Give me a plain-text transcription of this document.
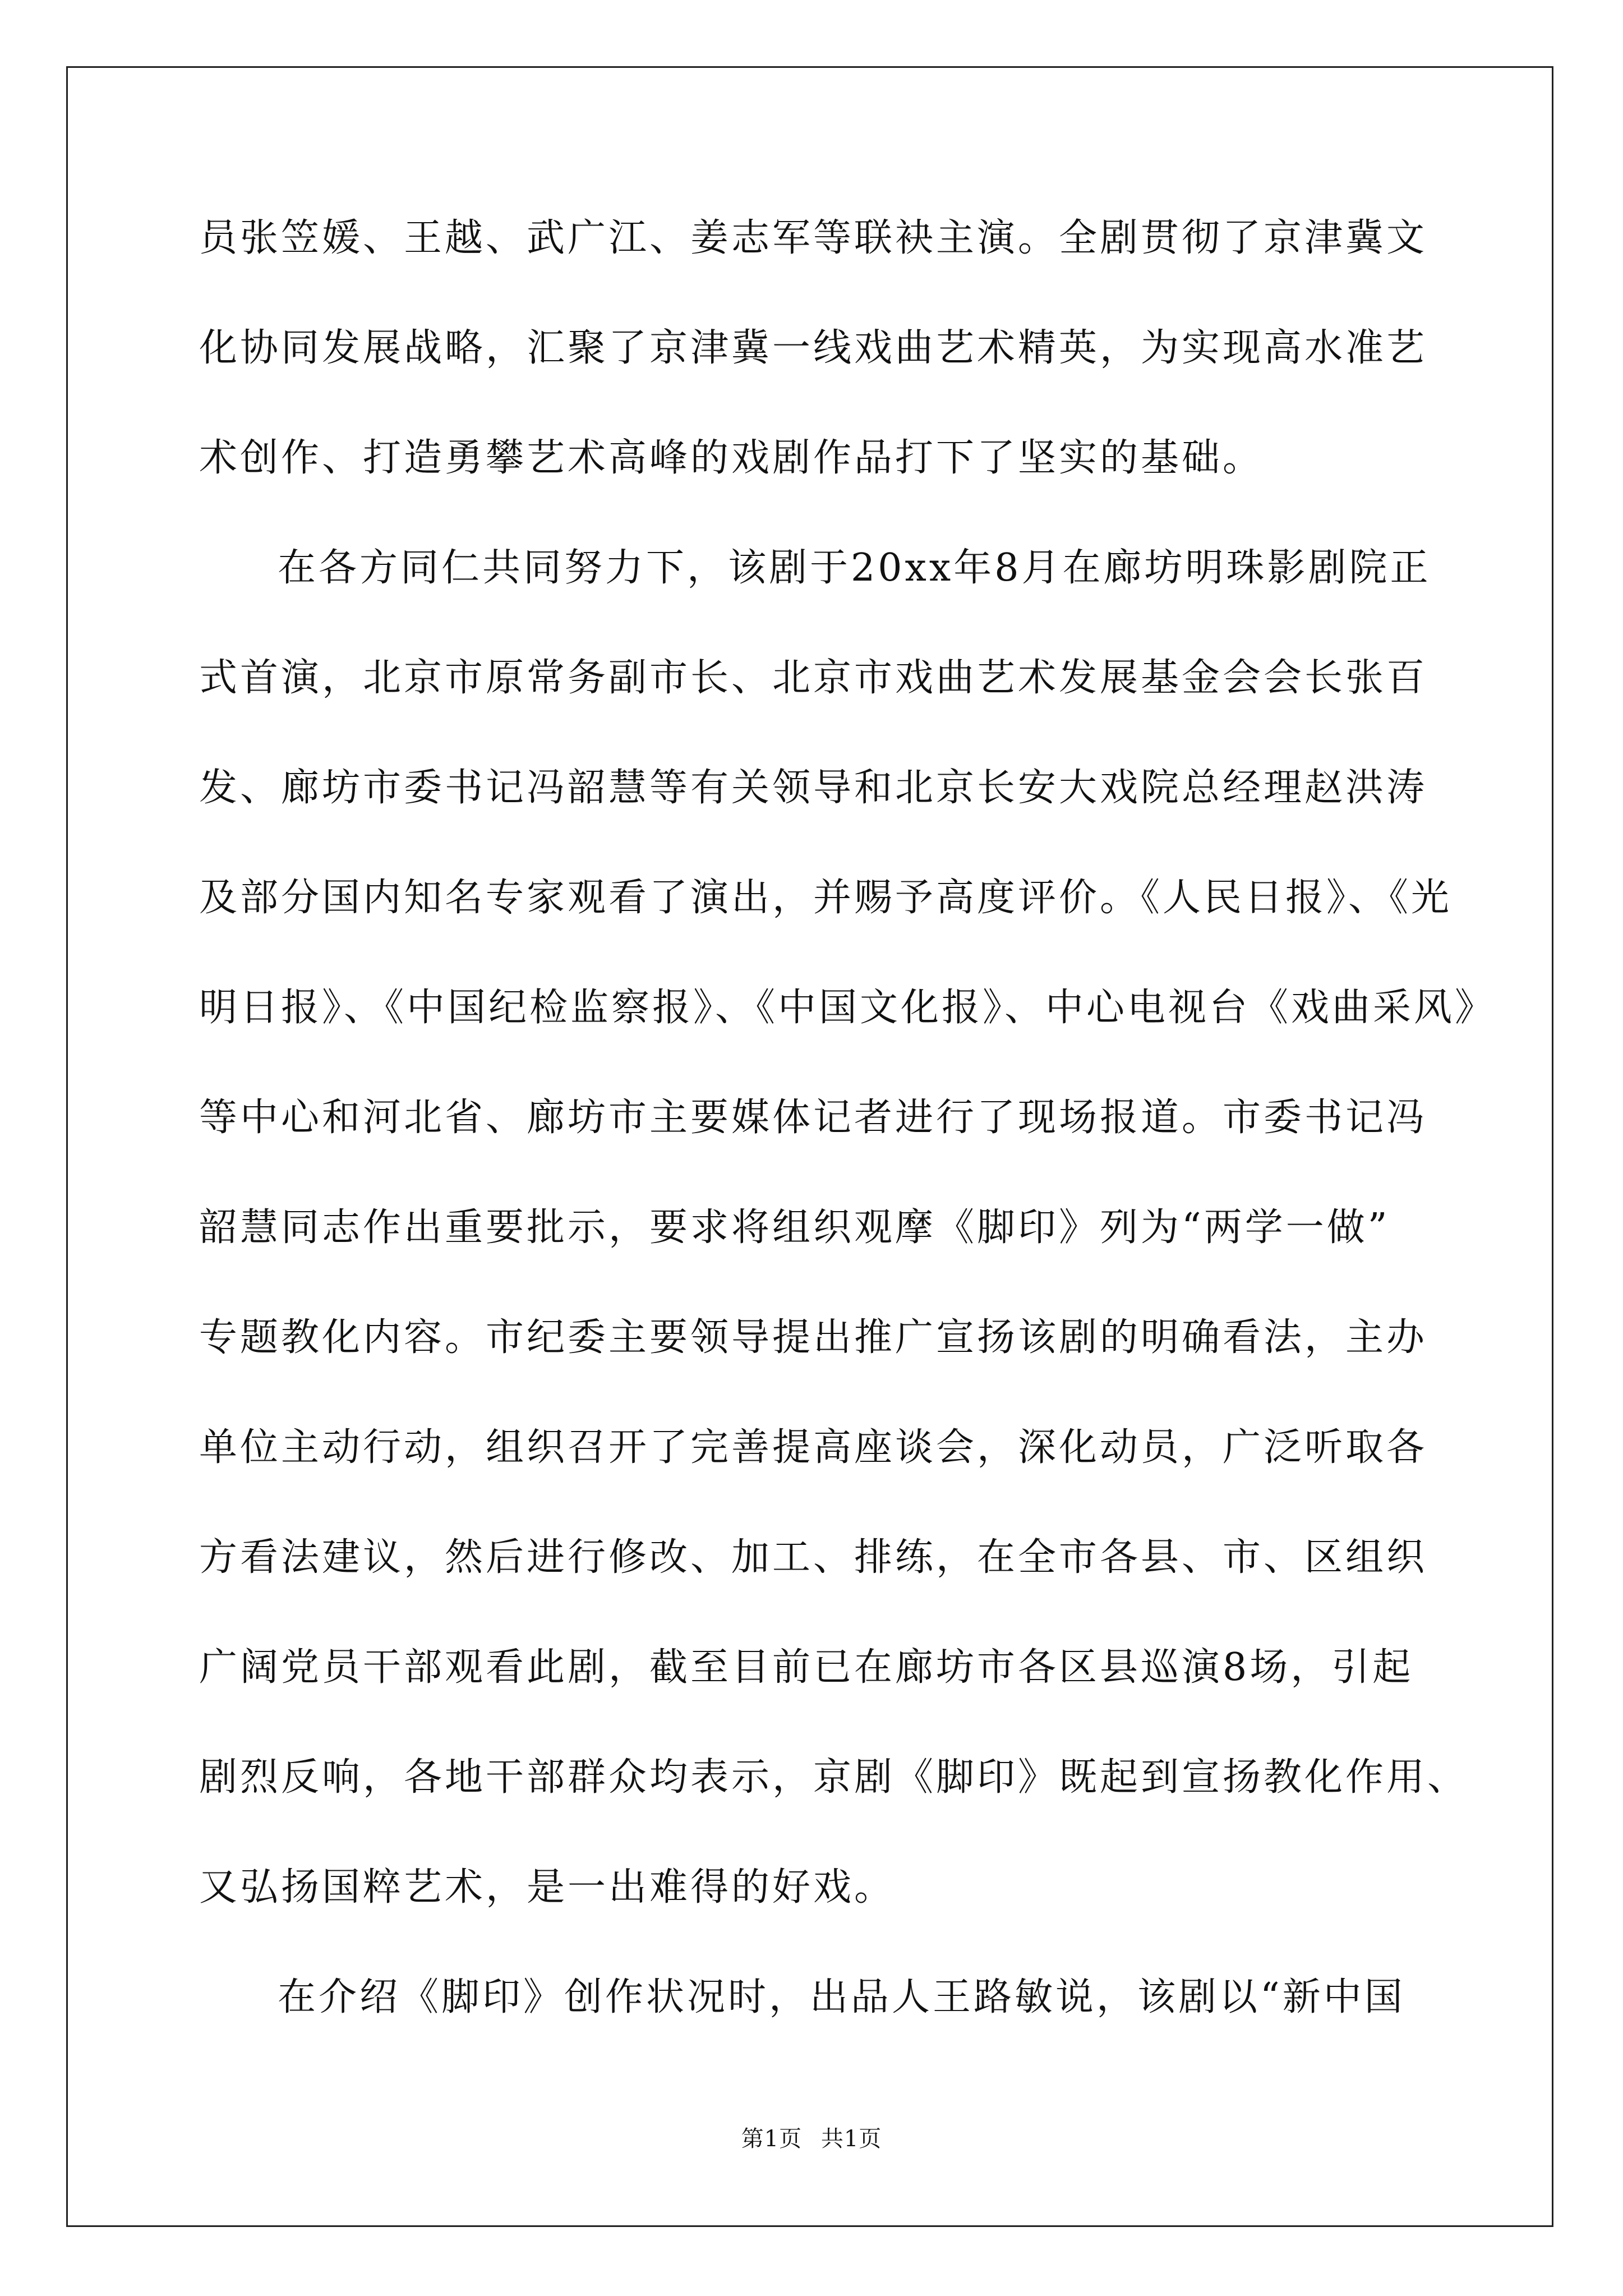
员张笠媛、王越、武广江、姜志军等联袂主演。全剧贯彻了京津冀文
化协同发展战略，汇聚了京津冀一线戏曲艺术精英，为实现高水准艺
术创作、打造勇攀艺术高峰的戏剧作品打下了坚实的基础。
在各方同仁共同努力下，该剧于20xx年8月在廊坊明珠影剧院正
式首演，北京市原常务副市长、北京市戏曲艺术发展基金会会长张百
发、廊坊市委书记冯韶慧等有关领导和北京长安大戏院总经理赵洪涛
及部分国内知名专家观看了演出，并赐予高度评价。《人民日报》、《光
明日报》、《中国纪检监察报》、《中国文化报》、中心电视台《戏曲采风》
等中心和河北省、廊坊市主要媒体记者进行了现场报道。市委书记冯
韶慧同志作出重要批示，要求将组织观摩《脚印》列为“两学一做”
专题教化内容。市纪委主要领导提出推广宣扬该剧的明确看法，主办
单位主动行动，组织召开了完善提高座谈会，深化动员，广泛听取各
方看法建议，然后进行修改、加工、排练，在全市各县、市、区组织
广阔党员干部观看此剧，截至目前已在廊坊市各区县巡演8场，引起
剧烈反响，各地干部群众均表示，京剧《脚印》既起到宣扬教化作用、
又弘扬国粹艺术，是一出难得的好戏。
在介绍《脚印》创作状况时，出品人王路敏说，该剧以“新中国
第1页 共1页
